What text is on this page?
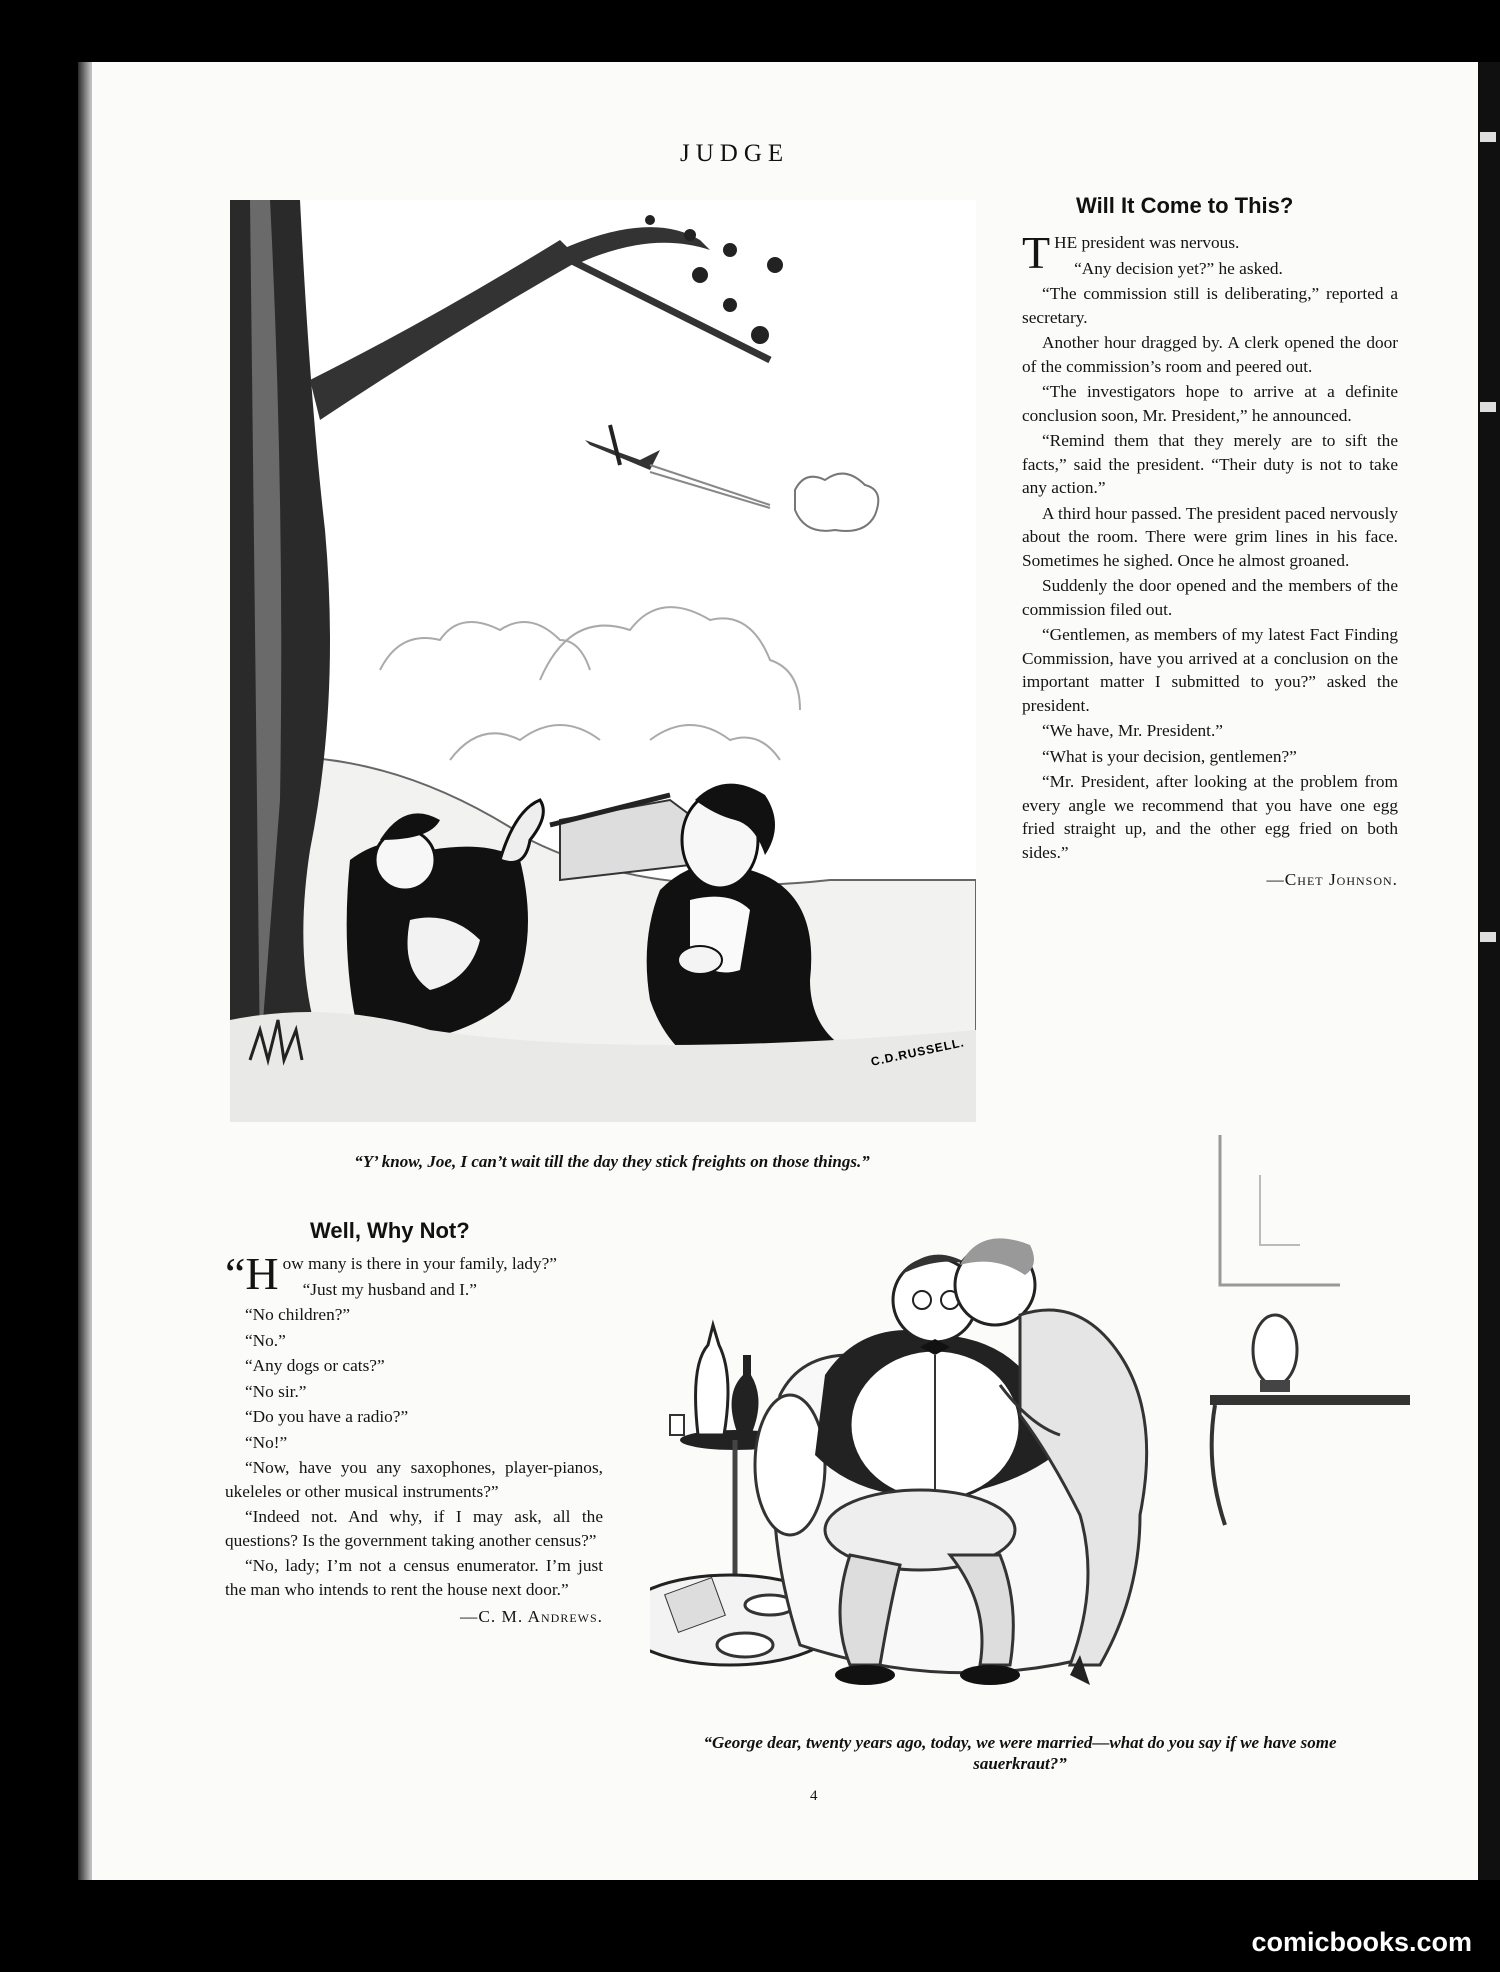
JUDGE
C.D.RUSSELL.
“Y’ know, Joe, I can’t wait till the day they stick freights on those things.”
Will It Come to This?

THE president was nervous.

“Any decision yet?” he asked.

“The commission still is deliberating,” reported a secretary.

Another hour dragged by. A clerk opened the door of the commission’s room and peered out.

“The investigators hope to arrive at a definite conclusion soon, Mr. President,” he announced.

“Remind them that they merely are to sift the facts,” said the president. “Their duty is not to take any action.”

A third hour passed. The president paced nervously about the room. There were grim lines in his face. Sometimes he sighed. Once he almost groaned.

Suddenly the door opened and the members of the commission filed out.

“Gentlemen, as members of my latest Fact Finding Commission, have you arrived at a conclusion on the important matter I submitted to you?” asked the president.

“We have, Mr. President.”

“What is your decision, gentlemen?”

“Mr. President, after looking at the problem from every angle we recommend that you have one egg fried straight up, and the other egg fried on both sides.”

—Chet Johnson.
Well, Why Not?

“How many is there in your family, lady?”

“Just my husband and I.”

“No children?”

“No.”

“Any dogs or cats?”

“No sir.”

“Do you have a radio?”

“No!”

“Now, have you any saxophones, player-pianos, ukeleles or other musical instruments?”

“Indeed not. And why, if I may ask, all the questions? Is the government taking another census?”

“No, lady; I’m not a census enumerator. I’m just the man who intends to rent the house next door.”

—C. M. Andrews.
“George dear, twenty years ago, today, we were married—what do you say if we have some sauerkraut?”
4
comicbooks.com
